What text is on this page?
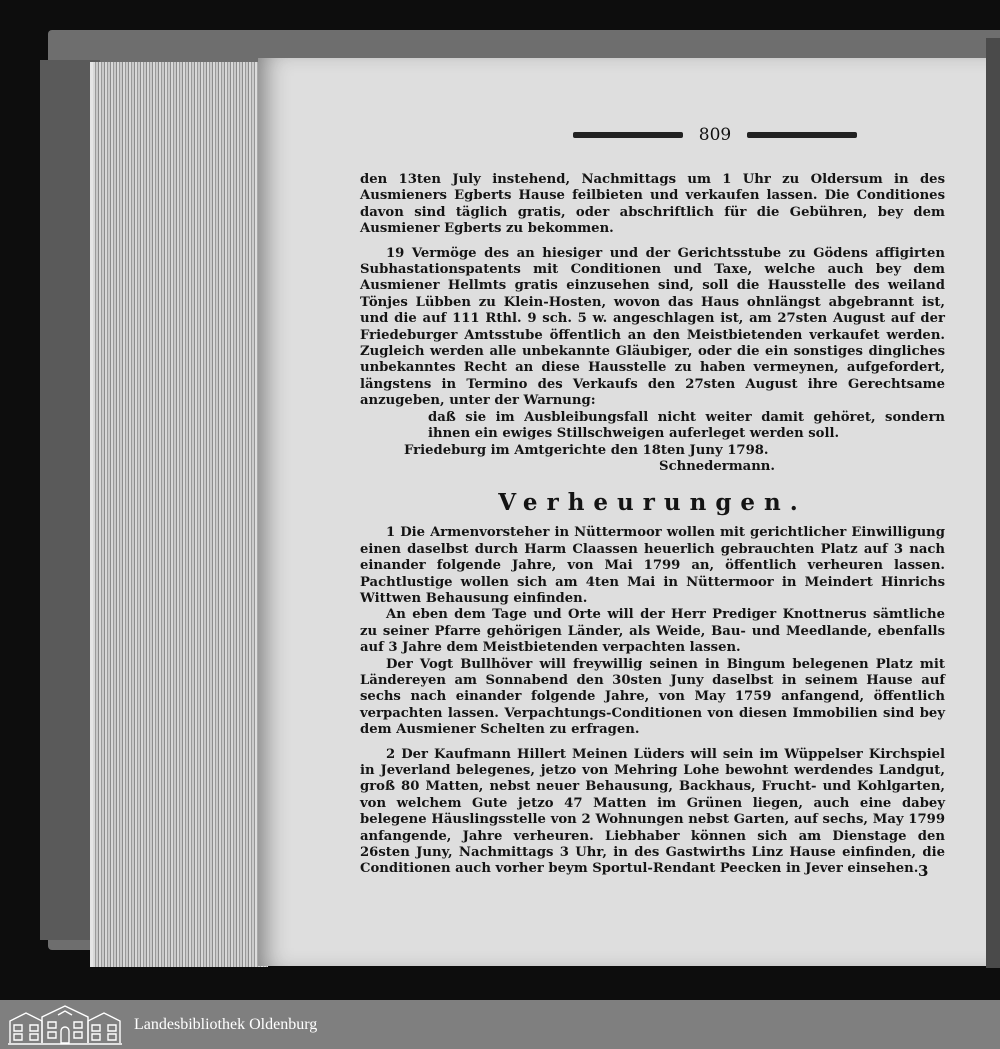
809

den 13ten July instehend, Nachmittags um 1 Uhr zu Oldersum in des Ausmieners Egberts Hause feilbieten und verkaufen lassen. Die Conditiones davon sind täglich gratis, oder abschriftlich für die Gebühren, bey dem Ausmiener Egberts zu bekommen.

19 Vermöge des an hiesiger und der Gerichtsstube zu Gödens affigirten Subhastationspatents mit Conditionen und Taxe, welche auch bey dem Ausmiener Hellmts gratis einzusehen sind, soll die Hausstelle des weiland Tönjes Lübben zu Klein-Hosten, wovon das Haus ohnlängst abgebrannt ist, und die auf 111 Rthl. 9 sch. 5 w. angeschlagen ist, am 27sten August auf der Friedeburger Amtsstube öffentlich an den Meistbietenden verkaufet werden. Zugleich werden alle unbekannte Gläubiger, oder die ein sonstiges dingliches unbekanntes Recht an diese Hausstelle zu haben vermeynen, aufgefordert, längstens in Termino des Verkaufs den 27sten August ihre Gerechtsame anzugeben, unter der Warnung:

daß sie im Ausbleibungsfall nicht weiter damit gehöret, sondern ihnen ein ewiges Stillschweigen auferleget werden soll.

Friedeburg im Amtgerichte den 18ten Juny 1798.

Schnedermann.

Verheurungen.

1 Die Armenvorsteher in Nüttermoor wollen mit gerichtlicher Einwilligung einen daselbst durch Harm Claassen heuerlich gebrauchten Platz auf 3 nach einander folgende Jahre, von Mai 1799 an, öffentlich verheuren lassen. Pachtlustige wollen sich am 4ten Mai in Nüttermoor in Meindert Hinrichs Wittwen Behausung einfinden.

An eben dem Tage und Orte will der Herr Prediger Knottnerus sämtliche zu seiner Pfarre gehörigen Länder, als Weide, Bau- und Meedlande, ebenfalls auf 3 Jahre dem Meistbietenden verpachten lassen.

Der Vogt Bullhöver will freywillig seinen in Bingum belegenen Platz mit Ländereyen am Sonnabend den 30sten Juny daselbst in seinem Hause auf sechs nach einander folgende Jahre, von May 1759 anfangend, öffentlich verpachten lassen. Verpachtungs-Conditionen von diesen Immobilien sind bey dem Ausmiener Schelten zu erfragen.

2 Der Kaufmann Hillert Meinen Lüders will sein im Wüppelser Kirchspiel in Jeverland belegenes, jetzo von Mehring Lohe bewohnt werdendes Landgut, groß 80 Matten, nebst neuer Behausung, Backhaus, Frucht- und Kohlgarten, von welchem Gute jetzo 47 Matten im Grünen liegen, auch eine dabey belegene Häuslingsstelle von 2 Wohnungen nebst Garten, auf sechs, May 1799 anfangende, Jahre verheuren. Liebhaber können sich am Dienstage den 26sten Juny, Nachmittags 3 Uhr, in des Gastwirths Linz Hause einfinden, die Conditionen auch vorher beym Sportul-Rendant Peecken in Jever einsehen. 3
Landesbibliothek Oldenburg
